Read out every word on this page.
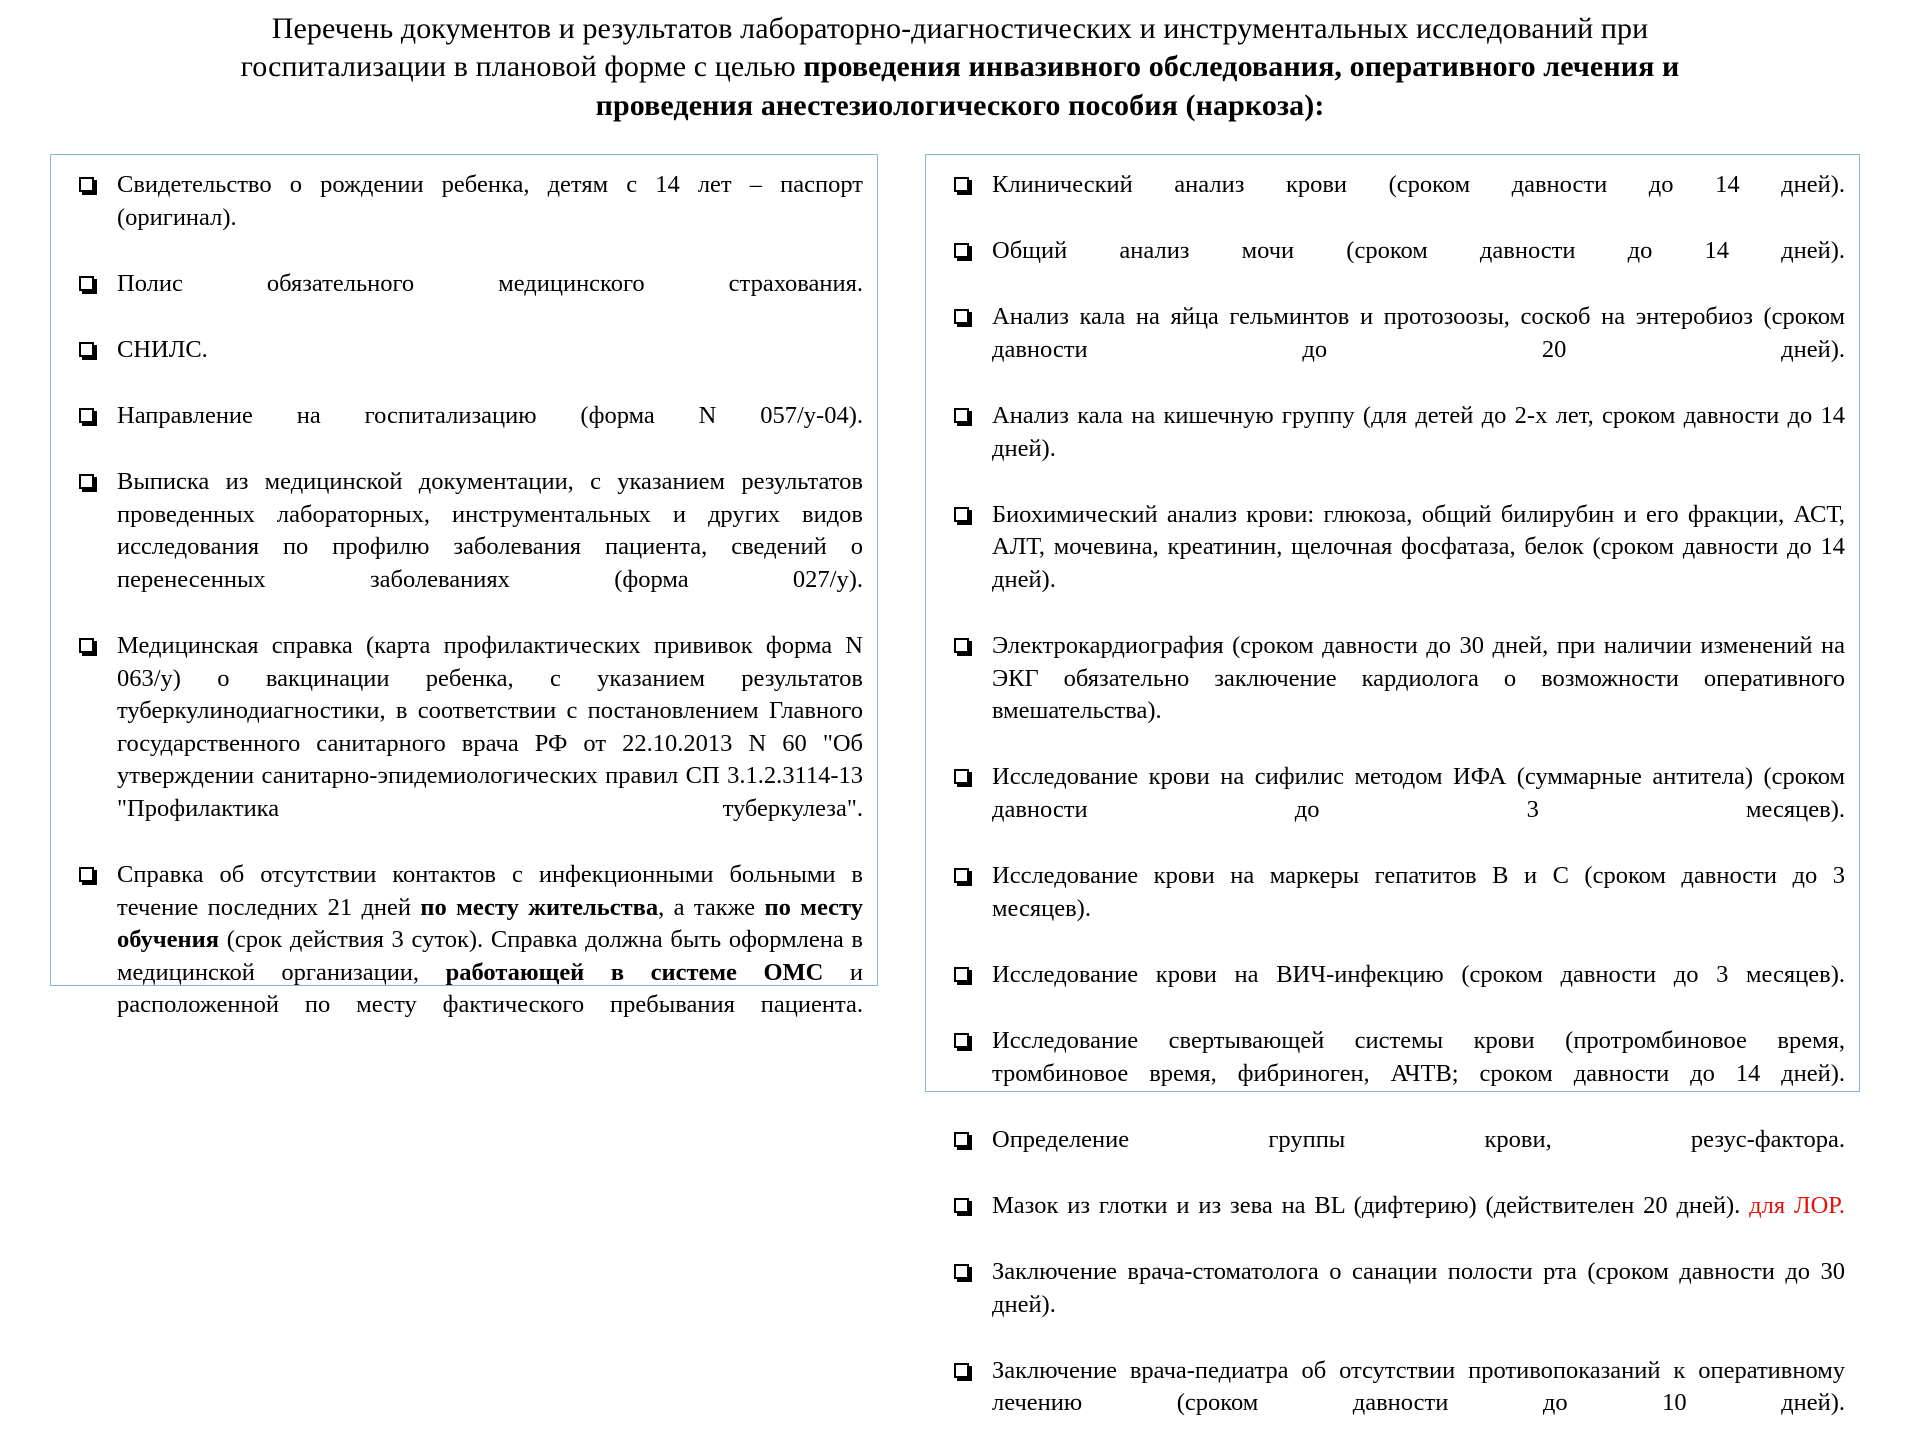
Перечень документов и результатов лабораторно-диагностических и инструментальных исследований при
госпитализации в плановой форме с целью проведения инвазивного обследования, оперативного лечения и
проведения анестезиологического пособия (наркоза):
Свидетельство о рождении ребенка, детям с 14 лет – паспорт (оригинал).
Полис обязательного медицинского страхования.
СНИЛС.
Направление на госпитализацию (форма N 057/у-04).
Выписка из медицинской документации, с указанием результатов проведенных лабораторных, инструментальных и других видов исследования по профилю заболевания пациента, сведений о перенесенных заболеваниях (форма 027/у).
Медицинская справка (карта профилактических прививок форма N 063/у) о вакцинации ребенка, с указанием результатов туберкулинодиагностики, в соответствии с постановлением Главного государственного санитарного врача РФ от 22.10.2013 N 60 "Об утверждении санитарно-эпидемиологических правил СП 3.1.2.3114-13 "Профилактика туберкулеза".
Справка об отсутствии контактов с инфекционными больными в течение последних 21 дней по месту жительства, а также по месту обучения (срок действия 3 суток). Справка должна быть оформлена в медицинской организации, работающей в системе ОМС и расположенной по месту фактического пребывания пациента.
Клинический анализ крови (сроком давности до 14 дней).
Общий анализ мочи (сроком давности до 14 дней).
Анализ кала на яйца гельминтов и протозоозы, соскоб на энтеробиоз (сроком давности до 20 дней).
Анализ кала на кишечную группу (для детей до 2-х лет, сроком давности до 14 дней).
Биохимический анализ крови: глюкоза, общий билирубин и его фракции, АСТ, АЛТ, мочевина, креатинин, щелочная фосфатаза, белок (сроком давности до 14 дней).
Электрокардиография (сроком давности до 30 дней, при наличии изменений на ЭКГ обязательно заключение кардиолога о возможности оперативного вмешательства).
Исследование крови на сифилис методом ИФА (суммарные антитела) (сроком давности до 3 месяцев).
Исследование крови на маркеры гепатитов В и С (сроком давности до 3 месяцев).
Исследование крови на ВИЧ-инфекцию (сроком давности до 3 месяцев).
Исследование свертывающей системы крови (протромбиновое время, тромбиновое время, фибриноген, АЧТВ; сроком давности до 14 дней).
Определение группы крови, резус-фактора.
Мазок из глотки и из зева на BL (дифтерию) (действителен 20 дней). для ЛОР.
Заключение врача-стоматолога о санации полости рта (сроком давности до 30 дней).
Заключение врача-педиатра об отсутствии противопоказаний к оперативному лечению (сроком давности до 10 дней).
